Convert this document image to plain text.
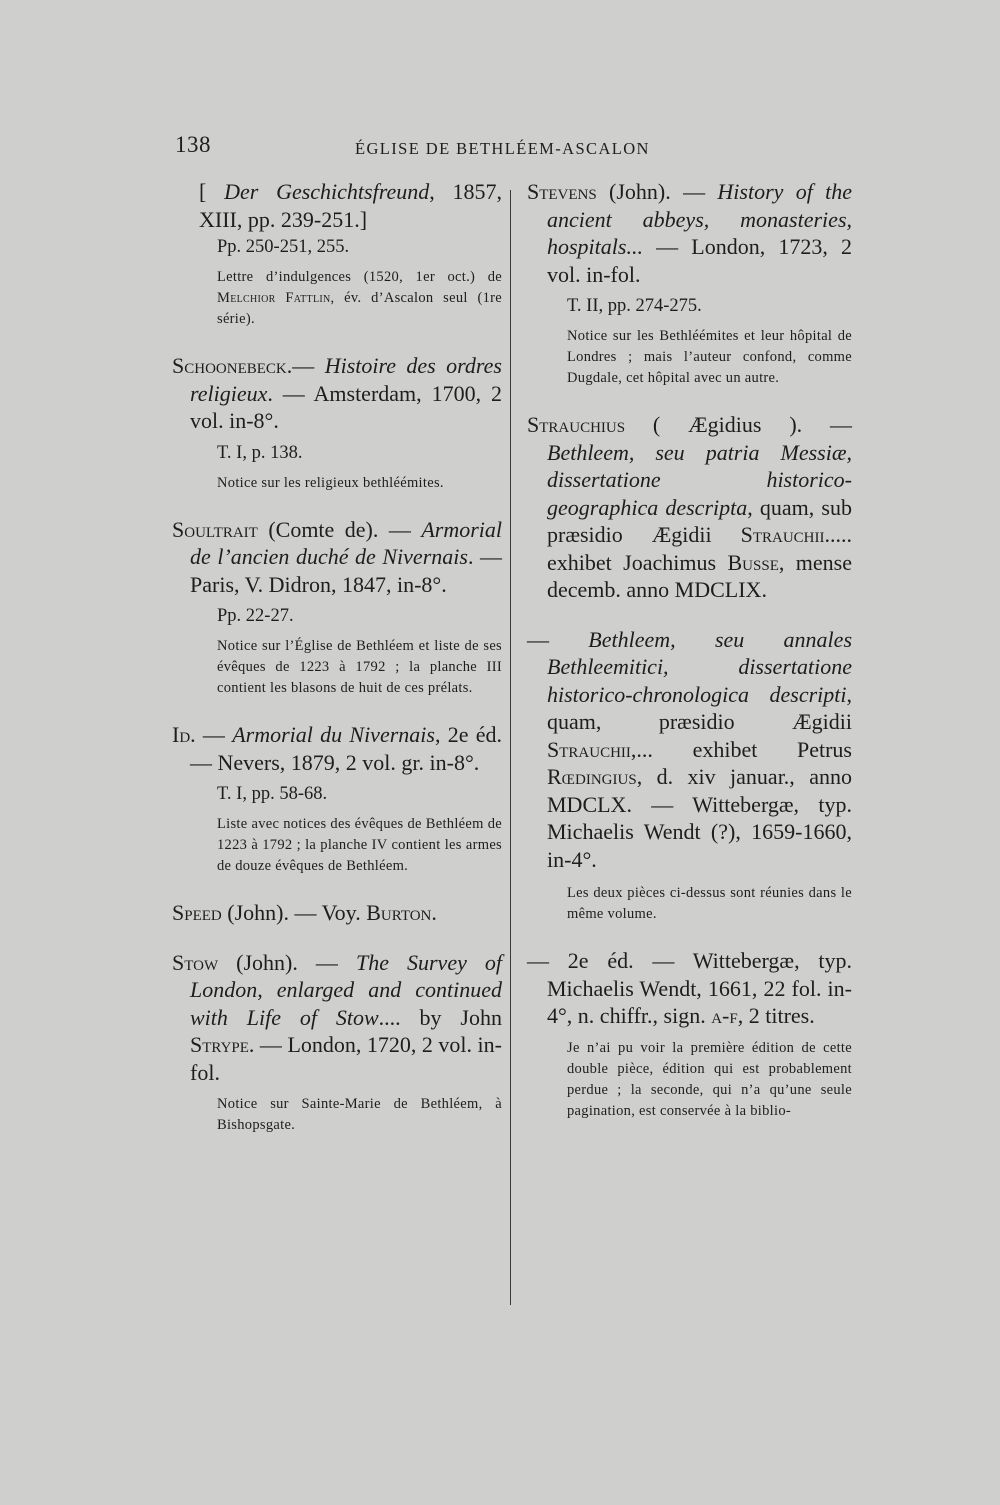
138	ÉGLISE DE BETHLÉEM-ASCALON

[ Der Geschichtsfreund, 1857, XIII, pp. 239-251.]

Pp. 250-251, 255.

Lettre d’indulgences (1520, 1er oct.) de Melchior Fattlin, év. d’Ascalon seul (1re série).

Schoonebeck.— Histoire des ordres religieux. — Amsterdam, 1700, 2 vol. in-8°.

T. I, p. 138.

Notice sur les religieux bethléémites.

Soultrait (Comte de). — Armorial de l’ancien duché de Nivernais. — Paris, V. Didron, 1847, in-8°.

Pp. 22-27.

Notice sur l’Église de Bethléem et liste de ses évêques de 1223 à 1792 ; la planche III contient les blasons de huit de ces prélats.

Id. — Armorial du Nivernais, 2e éd. — Nevers, 1879, 2 vol. gr. in-8°.

T. I, pp. 58-68.

Liste avec notices des évêques de Bethléem de 1223 à 1792 ; la planche IV contient les armes de douze évêques de Bethléem.

Speed (John). — Voy. Burton.

Stow (John). — The Survey of London, enlarged and continued with Life of Stow.... by John Strype. — London, 1720, 2 vol. in-fol.

Notice sur Sainte-Marie de Bethléem, à Bishopsgate.

Stevens (John). — History of the ancient abbeys, monasteries, hospitals... — London, 1723, 2 vol. in-fol.

T. II, pp. 274-275.

Notice sur les Bethléémites et leur hôpital de Londres ; mais l’auteur confond, comme Dugdale, cet hôpital avec un autre.

Strauchius ( Ægidius ). — Bethleem, seu patria Messiæ, dissertatione historico-geographica descripta, quam, sub præsidio Ægidii Strauchii..... exhibet Joachimus Busse, mense decemb. anno MDCLIX.

— Bethleem, seu annales Bethleemitici, dissertatione historico-chronologica descripti, quam, præsidio Ægidii Strauchii,... exhibet Petrus Rœdingius, d. xiv januar., anno MDCLX. — Wittebergæ, typ. Michaelis Wendt (?), 1659-1660, in-4°.

Les deux pièces ci-dessus sont réunies dans le même volume.

— 2e éd. — Wittebergæ, typ. Michaelis Wendt, 1661, 22 fol. in-4°, n. chiffr., sign. a-f, 2 titres.

Je n’ai pu voir la première édition de cette double pièce, édition qui est probablement perdue ; la seconde, qui n’a qu’une seule pagination, est conservée à la biblio-
